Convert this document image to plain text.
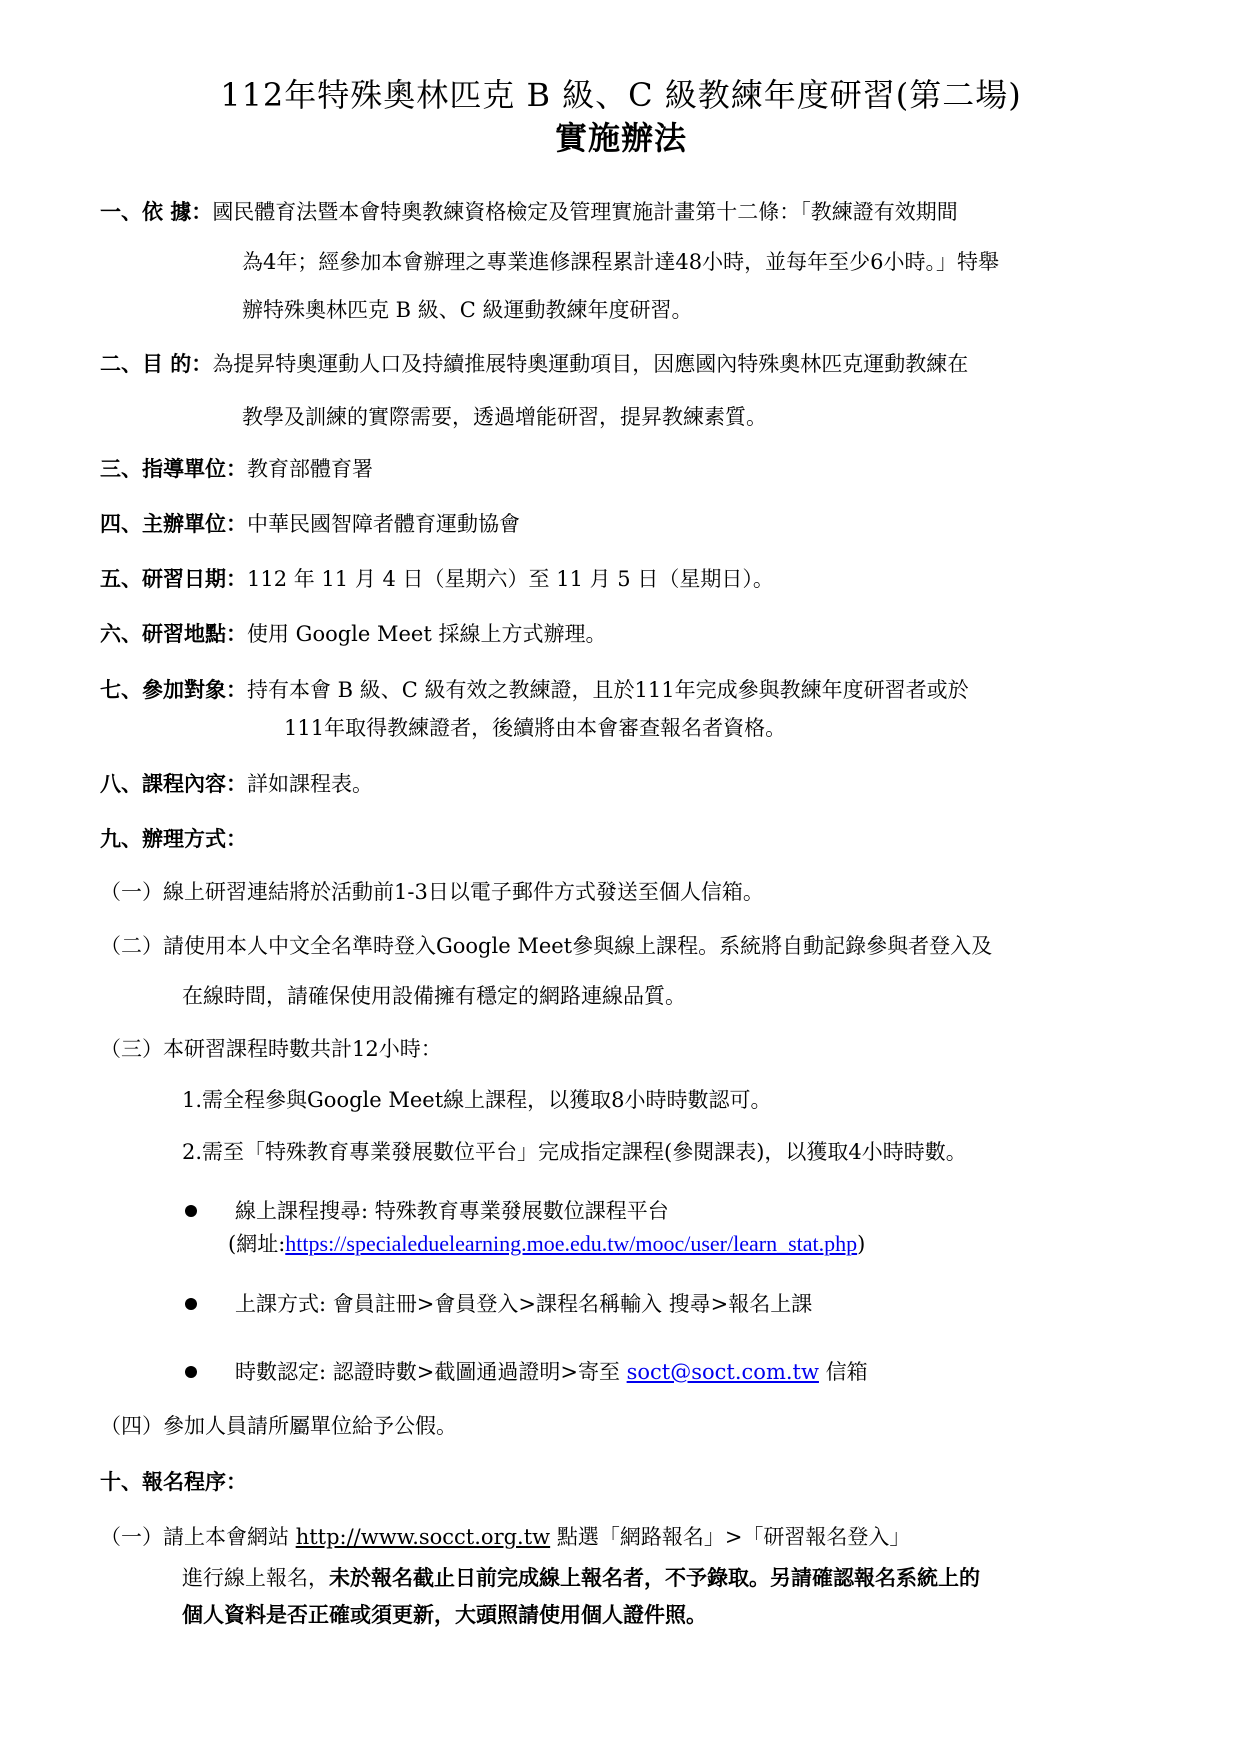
112年特殊奧林匹克 B 級、C 級教練年度研習(第二場)
實施辦法
一、依 據：國民體育法暨本會特奧教練資格檢定及管理實施計畫第十二條：「教練證有效期間
為4年；經參加本會辦理之專業進修課程累計達48小時，並每年至少6小時。」特舉
辦特殊奧林匹克 B 級、C 級運動教練年度研習。
二、目 的：為提昇特奧運動人口及持續推展特奧運動項目，因應國內特殊奧林匹克運動教練在
教學及訓練的實際需要，透過增能研習，提昇教練素質。
三、指導單位：教育部體育署
四、主辦單位：中華民國智障者體育運動協會
五、研習日期：112 年 11 月 4 日（星期六）至 11 月 5 日（星期日）。
六、研習地點：使用 Google Meet 採線上方式辦理。
七、參加對象：持有本會 B 級、C 級有效之教練證，且於111年完成參與教練年度研習者或於
111年取得教練證者，後續將由本會審查報名者資格。
八、課程內容：詳如課程表。
九、辦理方式：
（一）線上研習連結將於活動前1-3日以電子郵件方式發送至個人信箱。
（二）請使用本人中文全名準時登入Google Meet參與線上課程。系統將自動記錄參與者登入及
在線時間，請確保使用設備擁有穩定的網路連線品質。
（三）本研習課程時數共計12小時：
1.需全程參與Google Meet線上課程，以獲取8小時時數認可。
2.需至「特殊教育專業發展數位平台」完成指定課程(參閱課表)，以獲取4小時時數。
線上課程搜尋: 特殊教育專業發展數位課程平台
(網址:https://specialeduelearning.moe.edu.tw/mooc/user/learn_stat.php)
上課方式: 會員註冊>會員登入>課程名稱輸入 搜尋>報名上課
時數認定: 認證時數>截圖通過證明>寄至 soct@soct.com.tw 信箱
（四）參加人員請所屬單位給予公假。
十、報名程序：
（一）請上本會網站 http://www.socct.org.tw 點選「網路報名」>「研習報名登入」
進行線上報名，未於報名截止日前完成線上報名者，不予錄取。另請確認報名系統上的
個人資料是否正確或須更新，大頭照請使用個人證件照。
